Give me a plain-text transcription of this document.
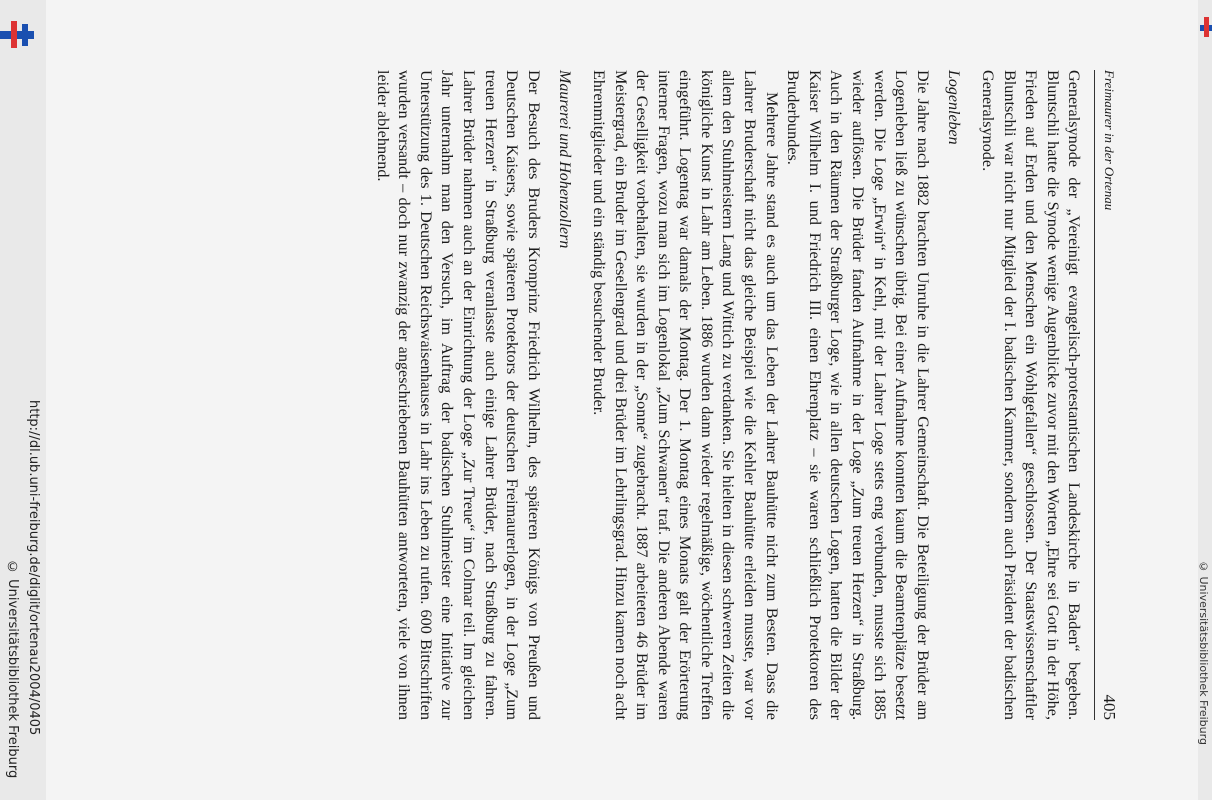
http://dl.ub.uni-freiburg.de/diglit/ortenau2004/0405
© Universitätsbibliothek Freiburg	© Universitätsbibliothek Freiburg
Freimaurer in der Ortenau
405

Generalsynode der „Vereinigt evangelisch-protestantischen Landeskirche in Baden“ begeben. Bluntschli hatte die Synode wenige Augenblicke zuvor mit den Worten „Ehre sei Gott in der Höhe, Frieden auf Erden und den Menschen ein Wohlgefallen“ geschlossen. Der Staatswissenschaftler Bluntschli war nicht nur Mitglied der I. badischen Kammer, sondern auch Präsident der badischen Generalsynode.

Logenleben

Die Jahre nach 1882 brachten Unruhe in die Lahrer Gemeinschaft. Die Beteiligung der Brüder am Logenleben ließ zu wünschen übrig. Bei einer Aufnahme konnten kaum die Beamtenplätze besetzt werden. Die Loge „Erwin“ in Kehl, mit der Lahrer Loge stets eng verbunden, musste sich 1885 wieder auflösen. Die Brüder fanden Aufnahme in der Loge „Zum treuen Herzen“ in Straßburg. Auch in den Räumen der Straßburger Loge, wie in allen deutschen Logen, hatten die Bilder der Kaiser Wilhelm I. und Friedrich III. einen Ehrenplatz – sie waren schließlich Protektoren des Bruderbundes.

Mehrere Jahre stand es auch um das Leben der Lahrer Bauhütte nicht zum Besten. Dass die Lahrer Bruderschaft nicht das gleiche Beispiel wie die Kehler Bauhütte erleiden musste, war vor allem den Stuhlmeistern Lang und Wittich zu verdanken. Sie hielten in diesen schweren Zeiten die königliche Kunst in Lahr am Leben. 1886 wurden dann wieder regelmäßige, wöchentliche Treffen eingeführt. Logentag war damals der Montag. Der 1. Montag eines Monats galt der Erörterung interner Fragen, wozu man sich im Logenlokal „Zum Schwanen“ traf. Die anderen Abende waren der Geselligkeit vorbehalten, sie wurden in der „Sonne“ zugebracht. 1887 arbeiteten 46 Brüder im Meistergrad, ein Bruder im Gesellengrad und drei Brüder im Lehrlingsgrad. Hinzu kamen noch acht Ehrenmitglieder und ein ständig besuchender Bruder.

Maurerei und Hohenzollern

Der Besuch des Bruders Kronprinz Friedrich Wilhelm, des späteren Königs von Preußen und Deutschen Kaisers, sowie späteren Protektors der deutschen Freimaurerlogen, in der Loge „Zum treuen Herzen“ in Straßburg veranlasste auch einige Lahrer Brüder, nach Straßburg zu fahren. Lahrer Brüder nahmen auch an der Einrichtung der Loge „Zur Treue“ im Colmar teil. Im gleichen Jahr unternahm man den Versuch, im Auftrag der badischen Stuhlmeister eine Initiative zur Unterstützung des 1. Deutschen Reichswaisenhauses in Lahr ins Leben zu rufen. 600 Bittschriften wurden versandt – doch nur zwanzig der angeschriebenen Bauhütten antworteten, viele von ihnen leider ablehnend.
